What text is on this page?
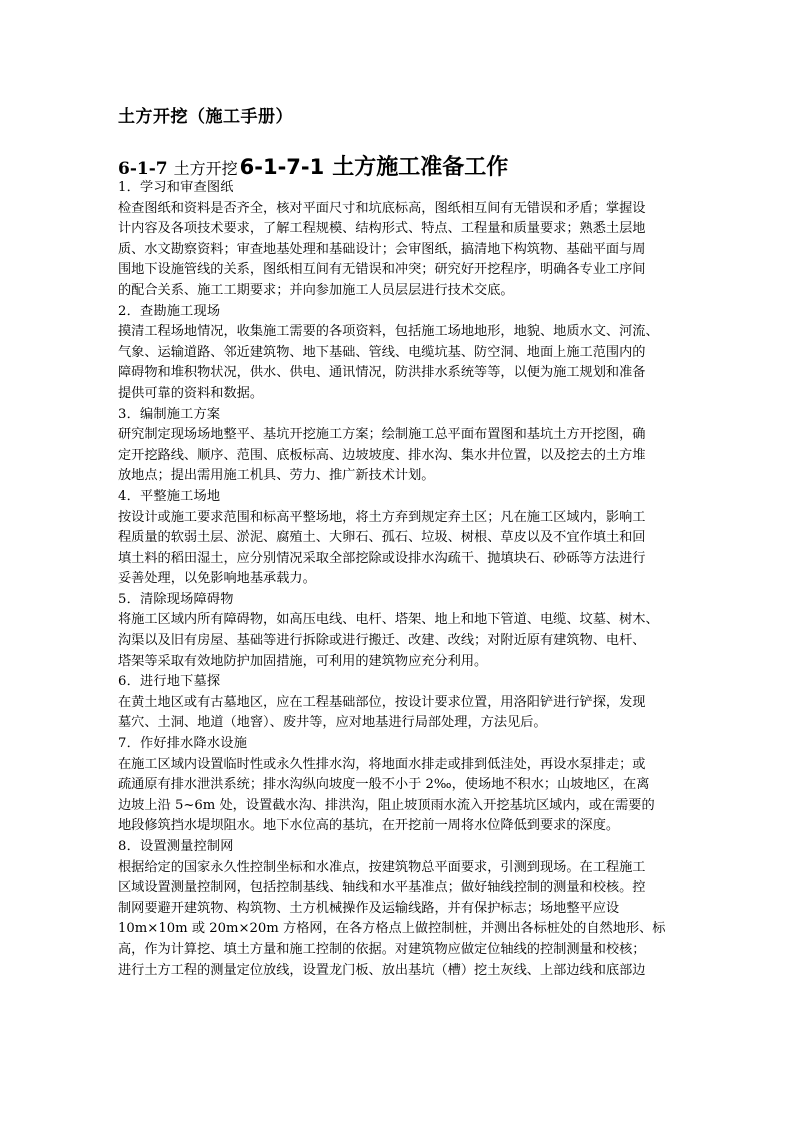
土方开挖（施工手册）
6-1-7 土方开挖 6-1-7-1 土方施工准备工作
1．学习和审查图纸
检查图纸和资料是否齐全，核对平面尺寸和坑底标高，图纸相互间有无错误和矛盾；掌握设
计内容及各项技术要求，了解工程规模、结构形式、特点、工程量和质量要求；熟悉土层地
质、水文勘察资料；审查地基处理和基础设计；会审图纸，搞清地下构筑物、基础平面与周
围地下设施管线的关系，图纸相互间有无错误和冲突；研究好开挖程序，明确各专业工序间
的配合关系、施工工期要求；并向参加施工人员层层进行技术交底。
2．查勘施工现场
摸清工程场地情况，收集施工需要的各项资料，包括施工场地地形，地貌、地质水文、河流、
气象、运输道路、邻近建筑物、地下基础、管线、电缆坑基、防空洞、地面上施工范围内的
障碍物和堆积物状况，供水、供电、通讯情况，防洪排水系统等等，以便为施工规划和准备
提供可靠的资料和数据。
3．编制施工方案
研究制定现场场地整平、基坑开挖施工方案；绘制施工总平面布置图和基坑土方开挖图，确
定开挖路线、顺序、范围、底板标高、边坡坡度、排水沟、集水井位置，以及挖去的土方堆
放地点；提出需用施工机具、劳力、推广新技术计划。
4．平整施工场地
按设计或施工要求范围和标高平整场地，将土方弃到规定弃土区；凡在施工区域内，影响工
程质量的软弱土层、淤泥、腐殖土、大卵石、孤石、垃圾、树根、草皮以及不宜作填土和回
填土料的稻田湿土，应分别情况采取全部挖除或设排水沟疏干、抛填块石、砂砾等方法进行
妥善处理，以免影响地基承载力。
5．清除现场障碍物
将施工区域内所有障碍物，如高压电线、电杆、塔架、地上和地下管道、电缆、坟墓、树木、
沟渠以及旧有房屋、基础等进行拆除或进行搬迁、改建、改线；对附近原有建筑物、电杆、
塔架等采取有效地防护加固措施，可利用的建筑物应充分利用。
6．进行地下墓探
在黄土地区或有古墓地区，应在工程基础部位，按设计要求位置，用洛阳铲进行铲探，发现
墓穴、土洞、地道（地窨）、废井等，应对地基进行局部处理，方法见后。
7．作好排水降水设施
在施工区域内设置临时性或永久性排水沟，将地面水排走或排到低洼处，再设水泵排走；或
疏通原有排水泄洪系统；排水沟纵向坡度一般不小于 2‰，使场地不积水；山坡地区，在离
边坡上沿 5~6m 处，设置截水沟、排洪沟，阻止坡顶雨水流入开挖基坑区域内，或在需要的
地段修筑挡水堤坝阻水。地下水位高的基坑，在开挖前一周将水位降低到要求的深度。
8．设置测量控制网
根据给定的国家永久性控制坐标和水准点，按建筑物总平面要求，引测到现场。在工程施工
区域设置测量控制网，包括控制基线、轴线和水平基准点；做好轴线控制的测量和校核。控
制网要避开建筑物、构筑物、土方机械操作及运输线路，并有保护标志；场地整平应设
10m×10m 或 20m×20m 方格网，在各方格点上做控制桩，并测出各标桩处的自然地形、标
高，作为计算挖、填土方量和施工控制的依据。对建筑物应做定位轴线的控制测量和校核；
进行土方工程的测量定位放线，设置龙门板、放出基坑（槽）挖土灰线、上部边线和底部边
